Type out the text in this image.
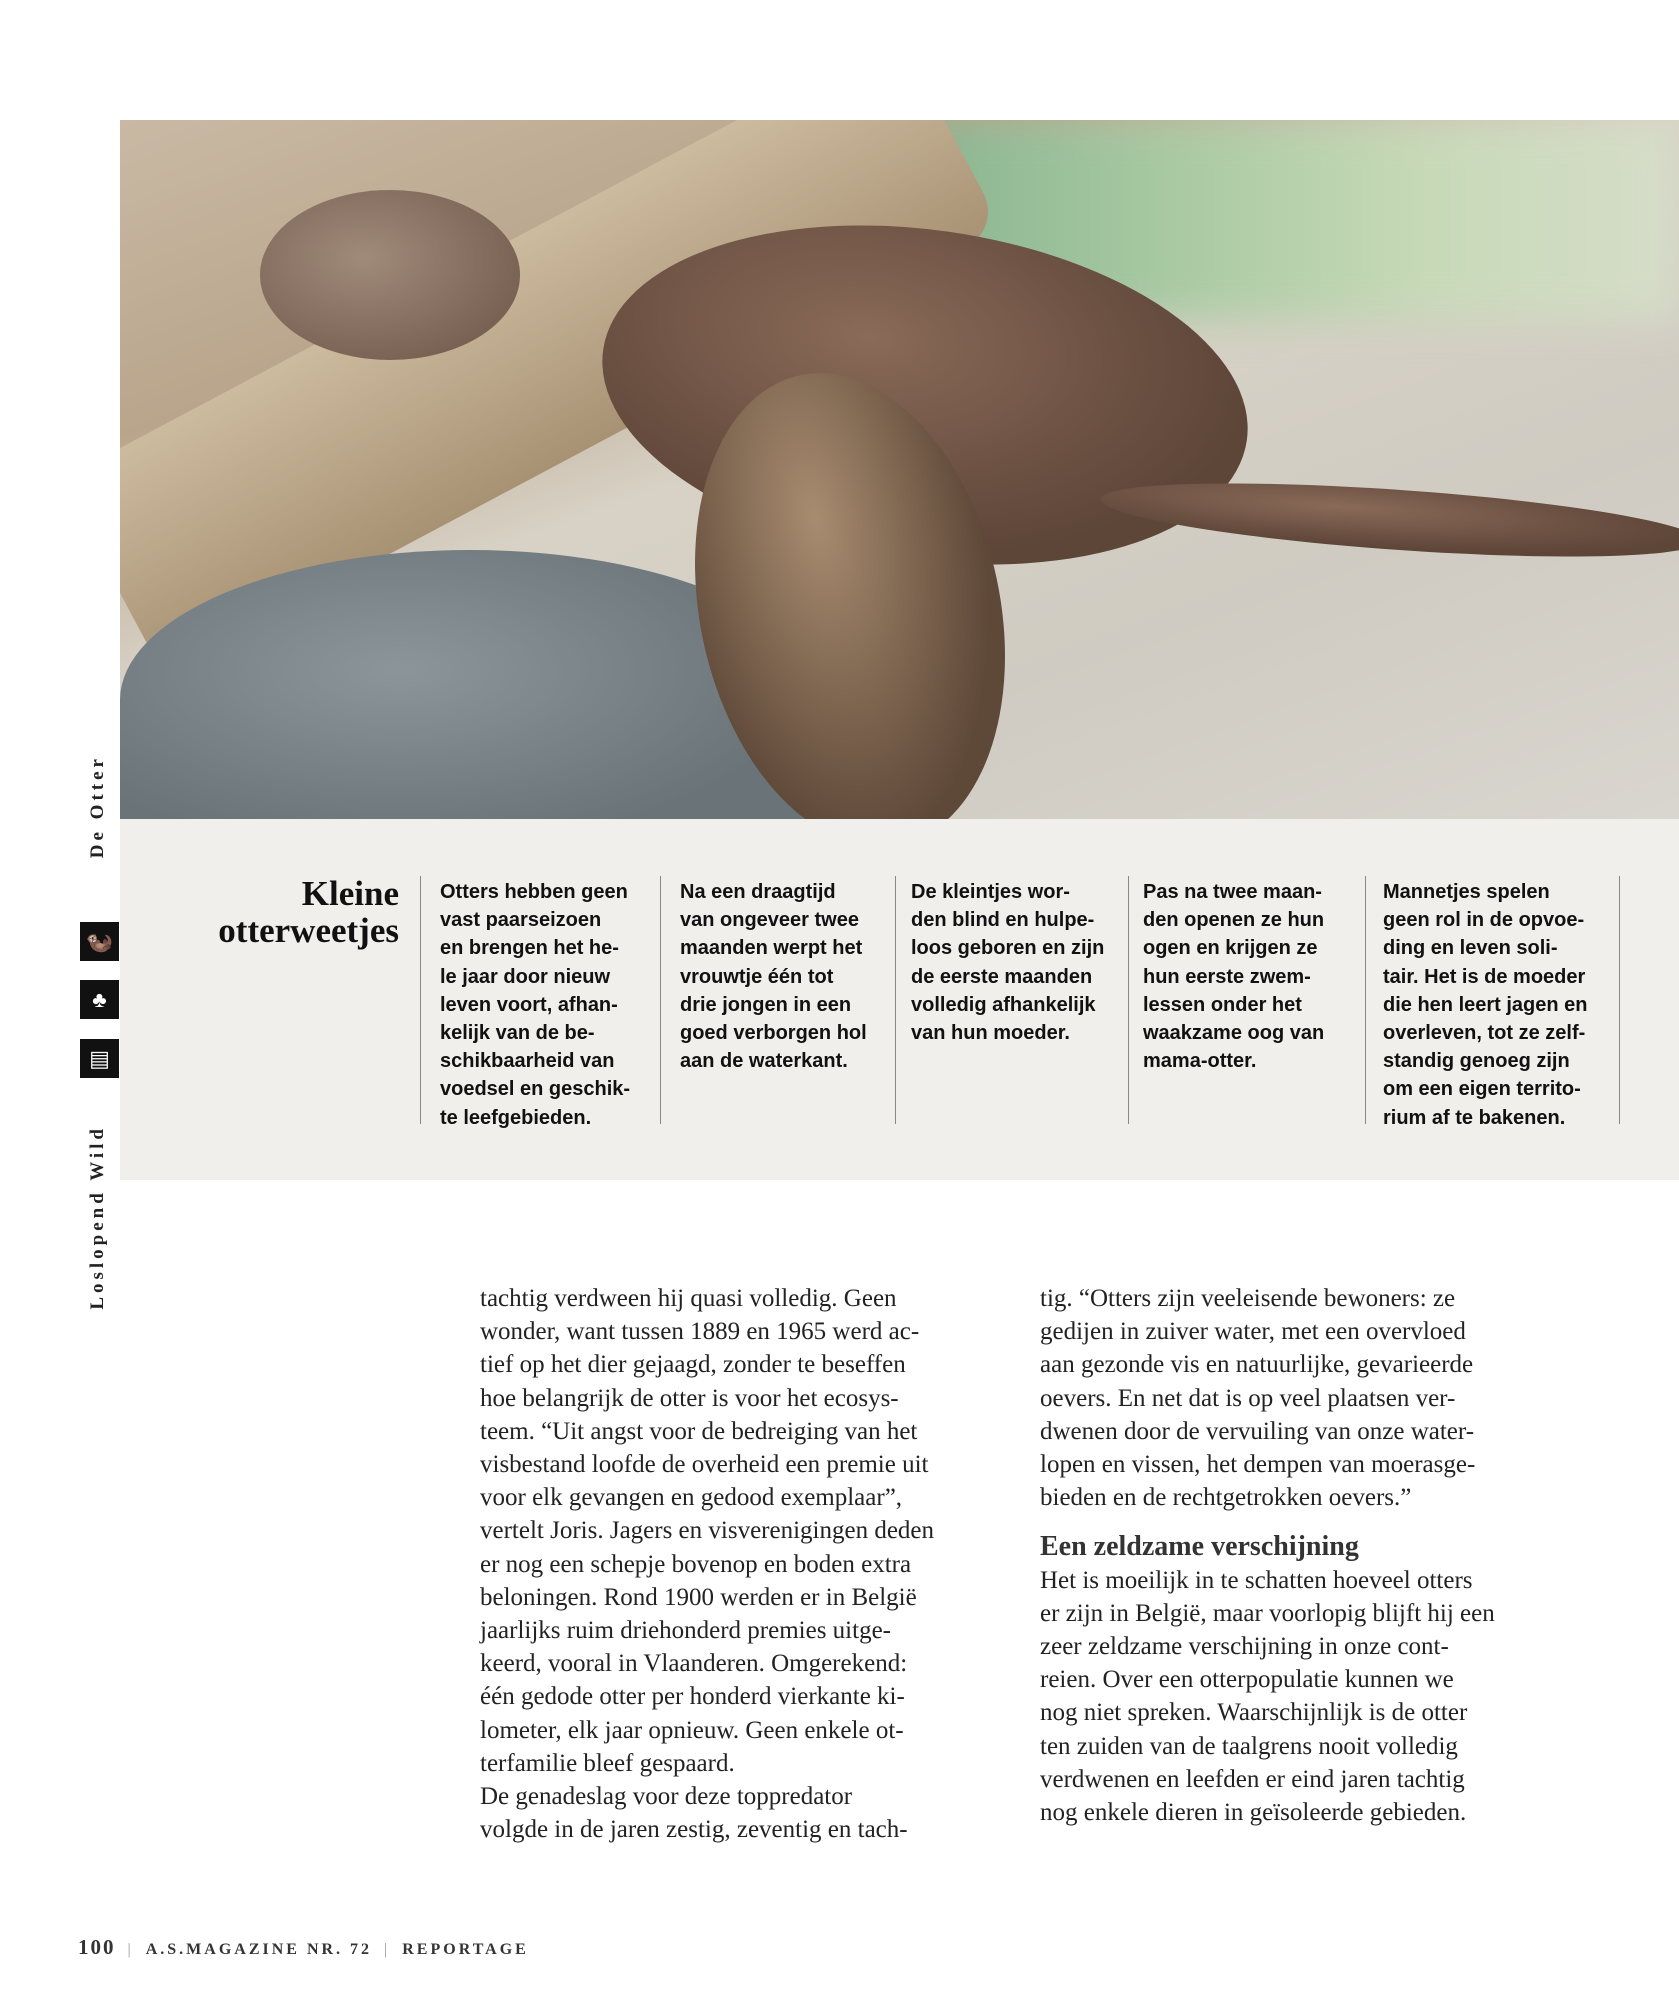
De Otter
🦦
♣
▤
Loslopend Wild
Kleine
otterweetjes
Otters hebben geen
vast paarseizoen
en brengen het he-
le jaar door nieuw
leven voort, afhan-
kelijk van de be-
schikbaarheid van
voedsel en geschik-
te leefgebieden.
Na een draagtijd
van ongeveer twee
maanden werpt het
vrouwtje één tot
drie jongen in een
goed verborgen hol
aan de waterkant.
De kleintjes wor-
den blind en hulpe-
loos geboren en zijn
de eerste maanden
volledig afhankelijk
van hun moeder.
Pas na twee maan-
den openen ze hun
ogen en krijgen ze
hun eerste zwem-
lessen onder het
waakzame oog van
mama-otter.
Mannetjes spelen
geen rol in de opvoe-
ding en leven soli-
tair. Het is de moeder
die hen leert jagen en
overleven, tot ze zelf-
standig genoeg zijn
om een eigen territo-
rium af te bakenen.
tachtig verdween hij quasi volledig. Geen
wonder, want tussen 1889 en 1965 werd ac-
tief op het dier gejaagd, zonder te beseffen
hoe belangrijk de otter is voor het ecosys-
teem. “Uit angst voor de bedreiging van het
visbestand loofde de overheid een premie uit
voor elk gevangen en gedood exemplaar”,
vertelt Joris. Jagers en visverenigingen deden
er nog een schepje bovenop en boden extra
beloningen. Rond 1900 werden er in België
jaarlijks ruim driehonderd premies uitge-
keerd, vooral in Vlaanderen. Omgerekend:
één gedode otter per honderd vierkante ki-
lometer, elk jaar opnieuw. Geen enkele ot-
terfamilie bleef gespaard.
De genadeslag voor deze toppredator
volgde in de jaren zestig, zeventig en tach-
tig. “Otters zijn veeleisende bewoners: ze
gedijen in zuiver water, met een overvloed
aan gezonde vis en natuurlijke, gevarieerde
oevers. En net dat is op veel plaatsen ver-
dwenen door de vervuiling van onze water-
lopen en vissen, het dempen van moerasge-
bieden en de rechtgetrokken oevers.”
Een zeldzame verschijning
Het is moeilijk in te schatten hoeveel otters
er zijn in België, maar voorlopig blijft hij een
zeer zeldzame verschijning in onze cont-
reien. Over een otterpopulatie kunnen we
nog niet spreken. Waarschijnlijk is de otter
ten zuiden van de taalgrens nooit volledig
verdwenen en leefden er eind jaren tachtig
nog enkele dieren in geïsoleerde gebieden.
100 | A.S.MAGAZINE NR. 72 | REPORTAGE
